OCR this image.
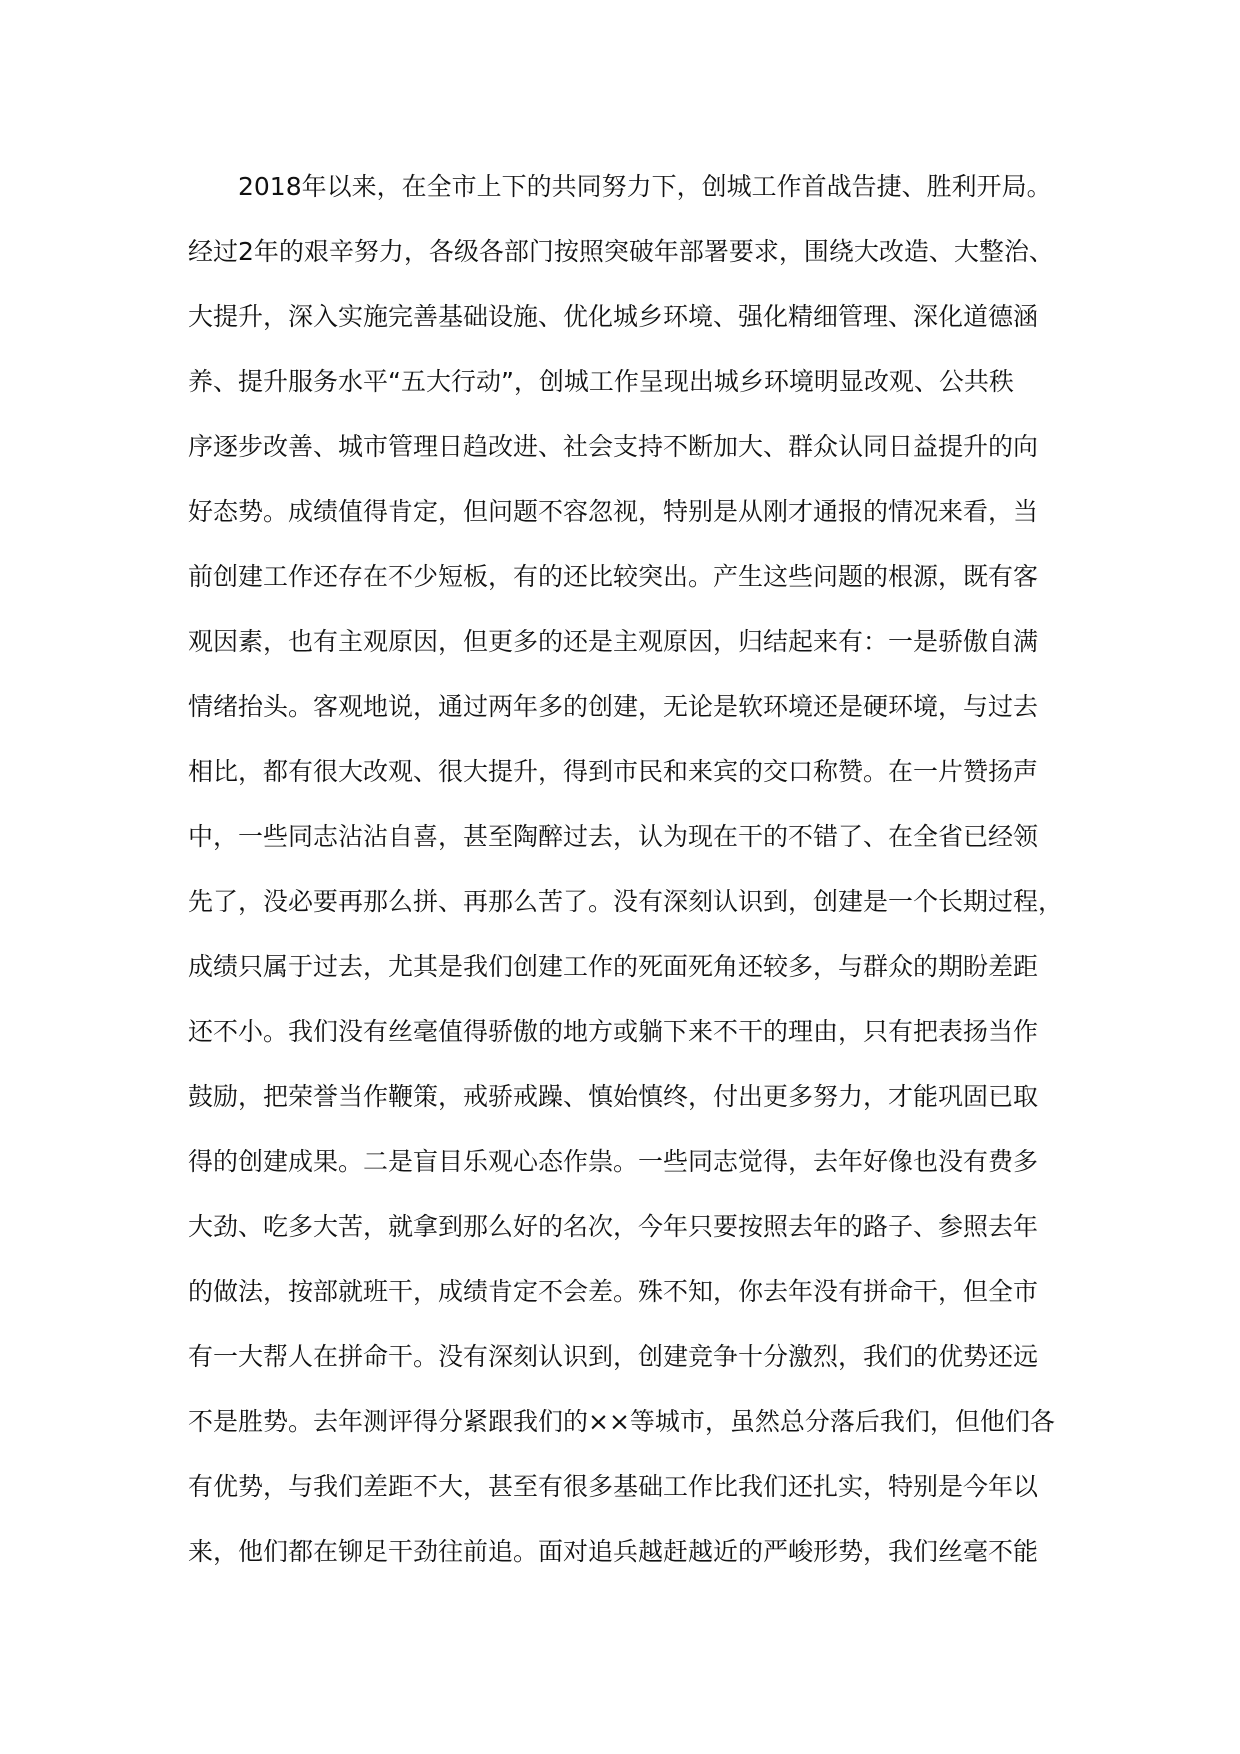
2018年以来，在全市上下的共同努力下，创城工作首战告捷、胜利开局。
经过2年的艰辛努力，各级各部门按照突破年部署要求，围绕大改造、大整治、
大提升，深入实施完善基础设施、优化城乡环境、强化精细管理、深化道德涵
养、提升服务水平“五大行动”，创城工作呈现出城乡环境明显改观、公共秩
序逐步改善、城市管理日趋改进、社会支持不断加大、群众认同日益提升的向
好态势。成绩值得肯定，但问题不容忽视，特别是从刚才通报的情况来看，当
前创建工作还存在不少短板，有的还比较突出。产生这些问题的根源，既有客
观因素，也有主观原因，但更多的还是主观原因，归结起来有：一是骄傲自满
情绪抬头。客观地说，通过两年多的创建，无论是软环境还是硬环境，与过去
相比，都有很大改观、很大提升，得到市民和来宾的交口称赞。在一片赞扬声
中，一些同志沾沾自喜，甚至陶醉过去，认为现在干的不错了、在全省已经领
先了，没必要再那么拼、再那么苦了。没有深刻认识到，创建是一个长期过程，
成绩只属于过去，尤其是我们创建工作的死面死角还较多，与群众的期盼差距
还不小。我们没有丝毫值得骄傲的地方或躺下来不干的理由，只有把表扬当作
鼓励，把荣誉当作鞭策，戒骄戒躁、慎始慎终，付出更多努力，才能巩固已取
得的创建成果。二是盲目乐观心态作祟。一些同志觉得，去年好像也没有费多
大劲、吃多大苦，就拿到那么好的名次，今年只要按照去年的路子、参照去年
的做法，按部就班干，成绩肯定不会差。殊不知，你去年没有拼命干，但全市
有一大帮人在拼命干。没有深刻认识到，创建竞争十分激烈，我们的优势还远
不是胜势。去年测评得分紧跟我们的××等城市，虽然总分落后我们，但他们各
有优势，与我们差距不大，甚至有很多基础工作比我们还扎实，特别是今年以
来，他们都在铆足干劲往前追。面对追兵越赶越近的严峻形势，我们丝毫不能
